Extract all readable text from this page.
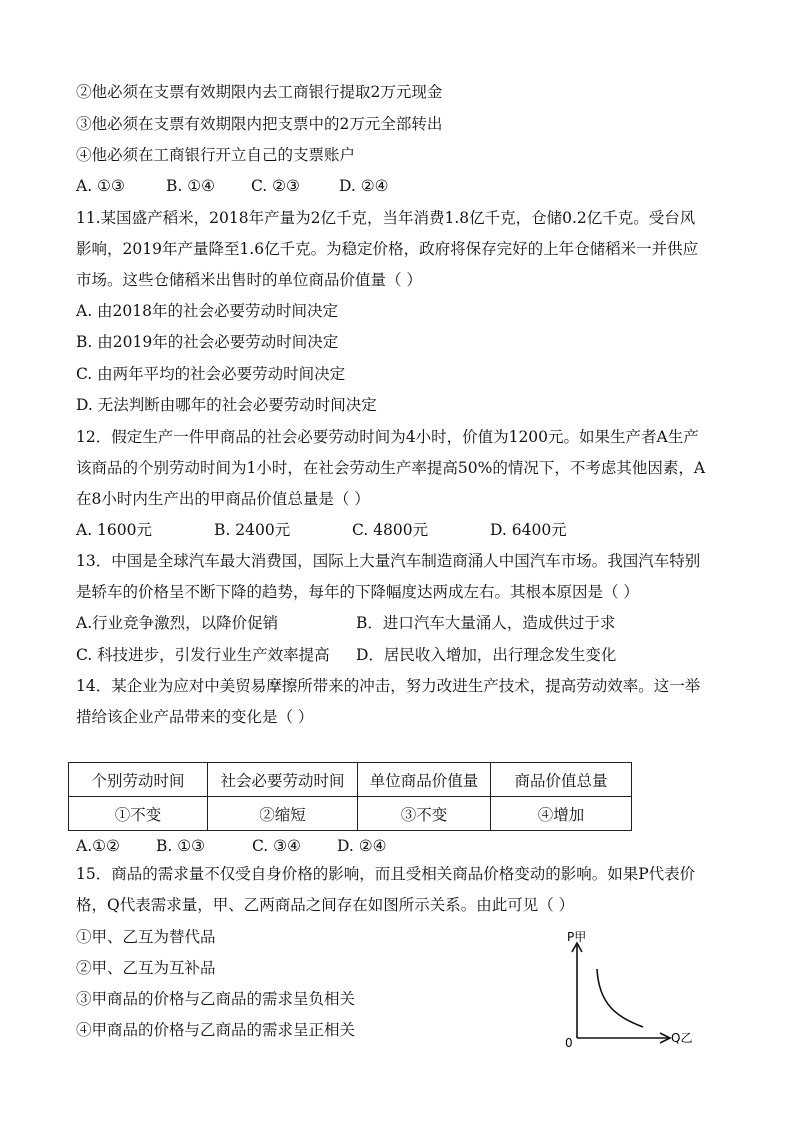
②他必须在支票有效期限内去工商银行提取2万元现金
③他必须在支票有效期限内把支票中的2万元全部转出
④他必须在工商银行开立自己的支票账户
A. ①③	B. ①④ C. ②③	D. ②④
11.某国盛产稻米，2018年产量为2亿千克，当年消费1.8亿千克，仓储0.2亿千克。受台风
影响，2019年产量降至1.6亿千克。为稳定价格，政府将保存完好的上年仓储稻米一并供应
市场。这些仓储稻米出售时的单位商品价值量（ ）
A. 由2018年的社会必要劳动时间决定
B. 由2019年的社会必要劳动时间决定
C. 由两年平均的社会必要劳动时间决定
D. 无法判断由哪年的社会必要劳动时间决定
12．假定生产一件甲商品的社会必要劳动时间为4小时，价值为1200元。如果生产者A生产
该商品的个别劳动时间为1小时，在社会劳动生产率提高50%的情况下，不考虑其他因素，A
在8小时内生产出的甲商品价值总量是（ ）
A. 1600元	B. 2400元	C. 4800元	D. 6400元
13．中国是全球汽车最大消费国，国际上大量汽车制造商涌人中国汽车市场。我国汽车特别
是轿车的价格呈不断下降的趋势，每年的下降幅度达两成左右。其根本原因是（ ）
A.行业竞争激烈，以降价促销	B．进口汽车大量涌人，造成供过于求
C. 科技进步，引发行业生产效率提高 D．居民收入增加，出行理念发生变化
14．某企业为应对中美贸易摩擦所带来的冲击，努力改进生产技术，提高劳动效率。这一举
措给该企业产品带来的变化是（ ）
个别劳动时间	社会必要劳动时间	单位商品价值量	商品价值总量
①不变	②缩短	③不变	④增加
A.①② B. ①③	C. ③④ D. ②④
15．商品的需求量不仅受自身价格的影响，而且受相关商品价格变动的影响。如果P代表价
格，Q代表需求量，甲、乙两商品之间存在如图所示关系。由此可见（ ）
①甲、乙互为替代品
②甲、乙互为互补品
③甲商品的价格与乙商品的需求呈负相关
④甲商品的价格与乙商品的需求呈正相关
P甲
Q乙
0
